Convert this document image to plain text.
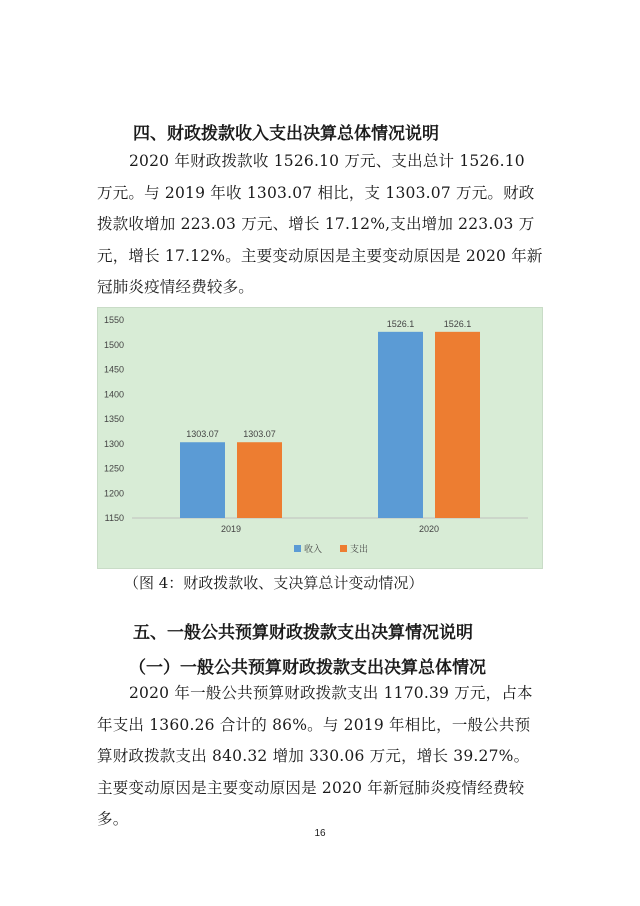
四、财政拨款收入支出决算总体情况说明
2020 年财政拨款收 1526.10 万元、支出总计 1526.10 万元。与 2019 年收 1303.07 相比，支 1303.07 万元。财政拨款收增加 223.03 万元、增长 17.12%,支出增加 223.03 万元，增长 17.12%。主要变动原因是主要变动原因是 2020 年新冠肺炎疫情经费较多。
1150
1200
1250
1300
1350
1400
1450
1500
1550
1303.07	1303.07
2019
1526.1	1526.1
2020
收入	支出
（图 4：财政拨款收、支决算总计变动情况）
五、一般公共预算财政拨款支出决算情况说明
（一）一般公共预算财政拨款支出决算总体情况
2020 年一般公共预算财政拨款支出 1170.39 万元，占本年支出 1360.26 合计的 86%。与 2019 年相比，一般公共预算财政拨款支出 840.32 增加 330.06 万元，增长 39.27%。主要变动原因是主要变动原因是 2020 年新冠肺炎疫情经费较多。
16
